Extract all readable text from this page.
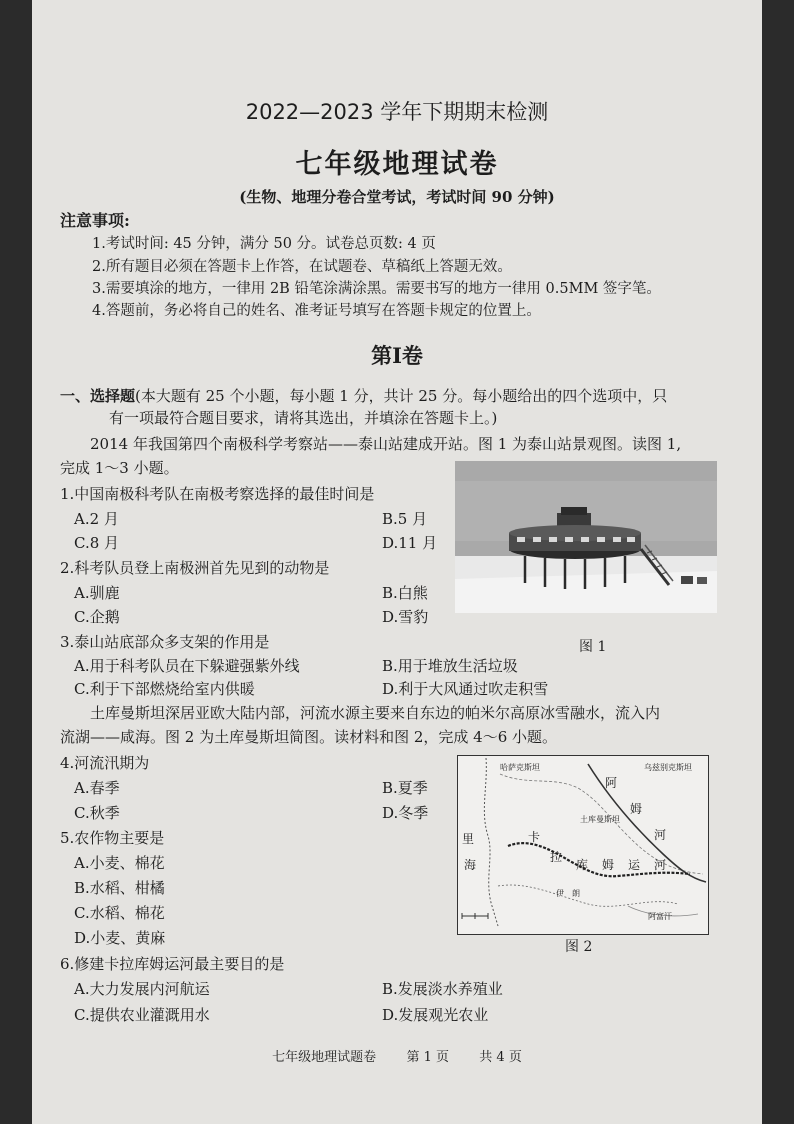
2022—2023 学年下期期末检测
七年级地理试卷
(生物、地理分卷合堂考试，考试时间 90 分钟)
注意事项:
1.考试时间: 45 分钟，满分 50 分。试卷总页数: 4 页
2.所有题目必须在答题卡上作答，在试题卷、草稿纸上答题无效。
3.需要填涂的地方，一律用 2B 铅笔涂满涂黑。需要书写的地方一律用 0.5MM 签字笔。
4.答题前，务必将自己的姓名、准考证号填写在答题卡规定的位置上。
第Ⅰ卷
一、选择题(本大题有 25 个小题，每小题 1 分，共计 25 分。每小题给出的四个选项中，只
有一项最符合题目要求，请将其选出，并填涂在答题卡上。)
2014 年我国第四个南极科学考察站——泰山站建成开站。图 1 为泰山站景观图。读图 1,
完成 1～3 小题。
1.中国南极科考队在南极考察选择的最佳时间是
A.2 月	B.5 月
C.8 月	D.11 月
2.科考队员登上南极洲首先见到的动物是
A.驯鹿	B.白熊
C.企鹅	D.雪豹
3.泰山站底部众多支架的作用是
A.用于科考队员在下躲避强紫外线	B.用于堆放生活垃圾
C.利于下部燃烧给室内供暖	D.利于大风通过吹走积雪
图 1
土库曼斯坦深居亚欧大陆内部，河流水源主要来自东边的帕米尔高原冰雪融水，流入内
流湖——咸海。图 2 为土库曼斯坦简图。读材料和图 2，完成 4～6 小题。
4.河流汛期为
A.春季	B.夏季
C.秋季	D.冬季
5.农作物主要是
A.小麦、棉花
B.水稻、柑橘
C.水稻、棉花
D.小麦、黄麻
哈萨克斯坦	乌兹别克斯坦
土库曼斯坦
伊　朗
阿富汗
阿
姆
河
里
海
卡
拉
库 姆 运 河
图 2
6.修建卡拉库姆运河最主要目的是
A.大力发展内河航运	B.发展淡水养殖业
C.提供农业灌溉用水	D.发展观光农业
七年级地理试题卷 第 1 页 共 4 页
